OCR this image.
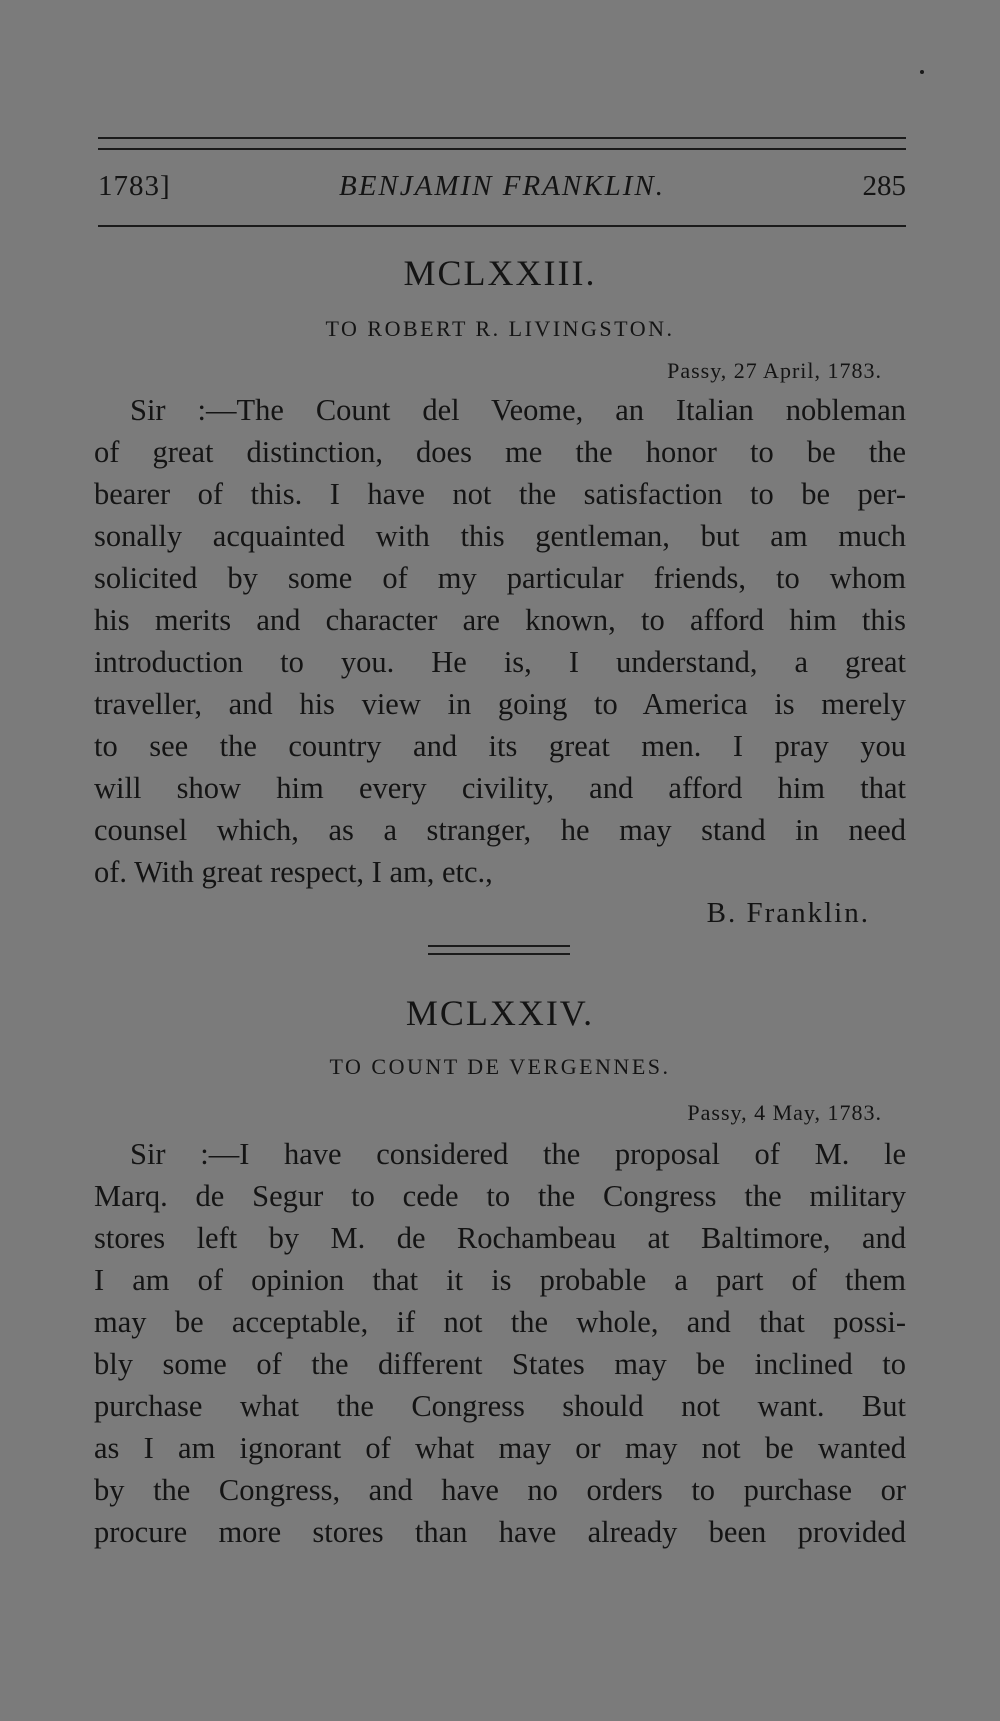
1783]	BENJAMIN FRANKLIN.	285
MCLXXIII.
TO ROBERT R. LIVINGSTON.
Passy, 27 April, 1783.
Sir :—The Count del Veome, an Italian nobleman
of great distinction, does me the honor to be the
bearer of this. I have not the satisfaction to be per-
sonally acquainted with this gentleman, but am much
solicited by some of my particular friends, to whom
his merits and character are known, to afford him this
introduction to you. He is, I understand, a great
traveller, and his view in going to America is merely
to see the country and its great men. I pray you
will show him every civility, and afford him that
counsel which, as a stranger, he may stand in need
of. With great respect, I am, etc.,
B. Franklin.
MCLXXIV.
TO COUNT DE VERGENNES.
Passy, 4 May, 1783.
Sir :—I have considered the proposal of M. le
Marq. de Segur to cede to the Congress the military
stores left by M. de Rochambeau at Baltimore, and
I am of opinion that it is probable a part of them
may be acceptable, if not the whole, and that possi-
bly some of the different States may be inclined to
purchase what the Congress should not want. But
as I am ignorant of what may or may not be wanted
by the Congress, and have no orders to purchase or
procure more stores than have already been provided
